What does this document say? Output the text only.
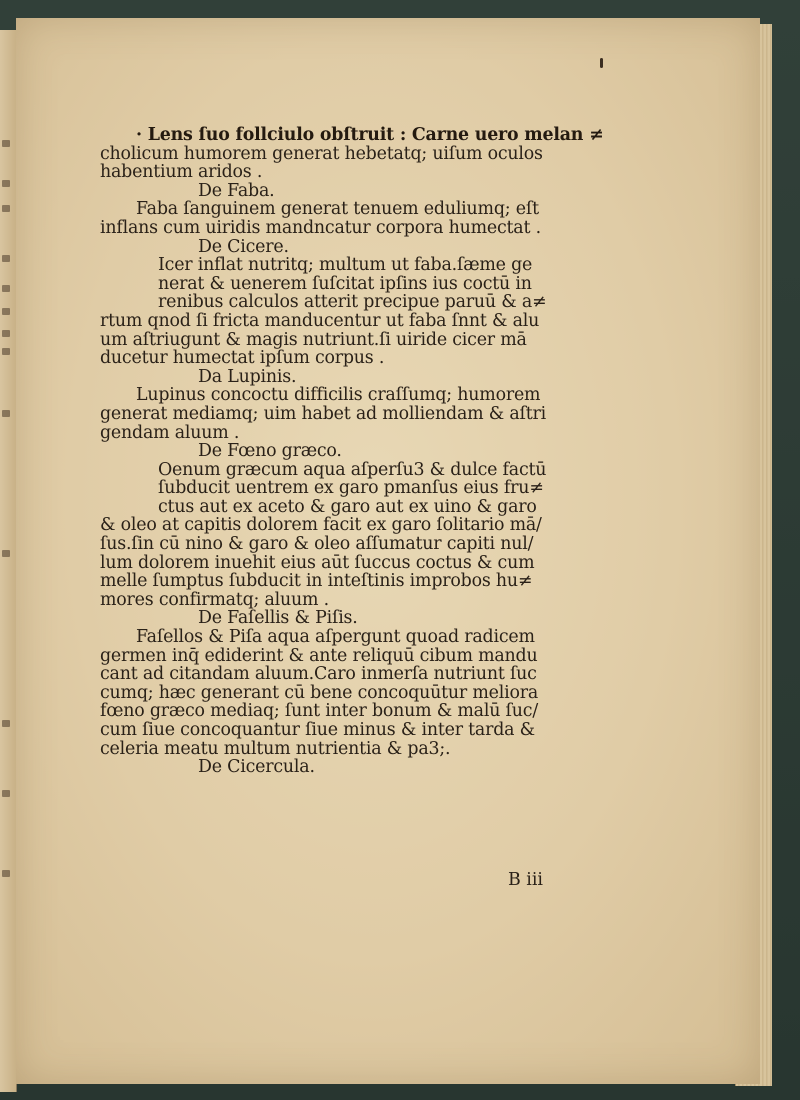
· Lens ſuo follciulo obſtruit : Carne uero melan ≠
cholicum humorem generat hebetatq; uiſum oculos
habentium aridos .
De Faba.
Faba ſanguinem generat tenuem eduliumq; eſt
inflans cum uiridis mandncatur corpora humectat .
De Cicere.
Icer inflat nutritq; multum ut faba.ſæme ge
nerat & uenerem ſuſcitat ipſins ius coctū in
renibus calculos atterit precipue paruū & a≠
rtum qnod ſi fricta manducentur ut faba ſnnt & alu
um aſtriugunt & magis nutriunt.ſi uiride cicer mā
ducetur humectat ipſum corpus .
Da Lupinis.
Lupinus concoctu difficilis craſſumq; humorem
generat mediamq; uim habet ad molliendam & aſtri
gendam aluum .
De Fœno græco.
Oenum græcum aqua aſperſu3 & dulce factū
ſubducit uentrem ex garo pmanſus eius fru≠
ctus aut ex aceto & garo aut ex uino & garo
& oleo at capitis dolorem facit ex garo ſolitario mā/
ſus.ſin cū nino & garo & oleo aſſumatur capiti nul/
lum dolorem inuehit eius aūt ſuccus coctus & cum
melle ſumptus ſubducit in inteſtinis improbos hu≠
mores confirmatq; aluum .
De Faſellis & Piſis.
Faſellos & Piſa aqua aſpergunt quoad radicem
germen inq̄ ediderint & ante reliquū cibum mandu
cant ad citandam aluum.Caro inmerſa nutriunt ſuc
cumq; hæc generant cū bene concoquūtur meliora
fœno græco mediaq; ſunt inter bonum & malū ſuc/
cum ſiue concoquantur ſiue minus & inter tarda &
celeria meatu multum nutrientia & pa3;.
De Cicercula.
B iii
